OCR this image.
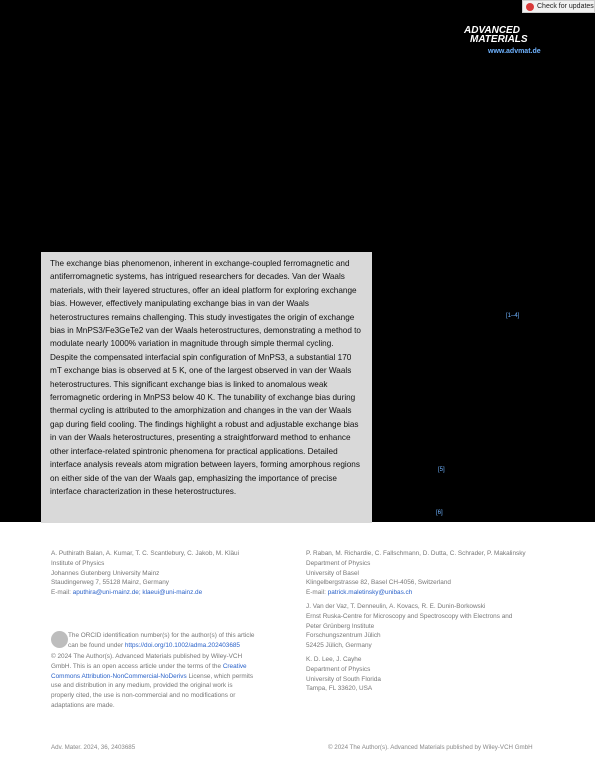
Check for updates
ADVANCED
MATERIALS
www.advmat.de
The exchange bias phenomenon, inherent in exchange-coupled ferromagnetic and antiferromagnetic systems, has intrigued researchers for decades. Van der Waals materials, with their layered structures, offer an ideal platform for exploring exchange bias. However, effectively manipulating exchange bias in van der Waals heterostructures remains challenging. This study investigates the origin of exchange bias in MnPS3/Fe3GeTe2 van der Waals heterostructures, demonstrating a method to modulate nearly 1000% variation in magnitude through simple thermal cycling. Despite the compensated interfacial spin configuration of MnPS3, a substantial 170 mT exchange bias is observed at 5 K, one of the largest observed in van der Waals heterostructures. This significant exchange bias is linked to anomalous weak ferromagnetic ordering in MnPS3 below 40 K. The tunability of exchange bias during thermal cycling is attributed to the amorphization and changes in the van der Waals gap during field cooling. The findings highlight a robust and adjustable exchange bias in van der Waals heterostructures, presenting a straightforward method to enhance other interface-related spintronic phenomena for practical applications. Detailed interface analysis reveals atom migration between layers, forming amorphous regions on either side of the van der Waals gap, emphasizing the importance of precise interface characterization in these heterostructures.
[1–4]
[5]
[6]
A. Puthirath Balan, A. Kumar, T. C. Scantlebury, C. Jakob, M. Kläui
Institute of Physics
Johannes Gutenberg University Mainz
Staudingerweg 7, 55128 Mainz, Germany
E-mail: aputhira@uni-mainz.de; klaeui@uni-mainz.de
P. Raban, M. Richardie, C. Fallschmann, D. Dutta, C. Schrader, P. Makalinsky
Department of Physics
University of Basel
Klingelbergstrasse 82, Basel CH-4056, Switzerland
E-mail: patrick.maletinsky@unibas.ch
J. Van der Vaz, T. Denneulin, A. Kovacs, R. E. Dunin-Borkowski
Ernst Ruska-Centre for Microscopy and Spectroscopy with Electrons and
Peter Grünberg Institute
Forschungszentrum Jülich
52425 Jülich, Germany
K. D. Lee, J. Cayhe
Department of Physics
University of South Florida
Tampa, FL 33620, USA
The ORCID identification number(s) for the author(s) of this article
can be found under https://doi.org/10.1002/adma.202403685
© 2024 The Author(s). Advanced Materials published by Wiley-VCH
GmbH. This is an open access article under the terms of the Creative
Commons Attribution-NonCommercial-NoDerivs License, which permits
use and distribution in any medium, provided the original work is
properly cited, the use is non-commercial and no modifications or
adaptations are made.
Adv. Mater. 2024, 36, 2403685	© 2024 The Author(s). Advanced Materials published by Wiley-VCH GmbH
